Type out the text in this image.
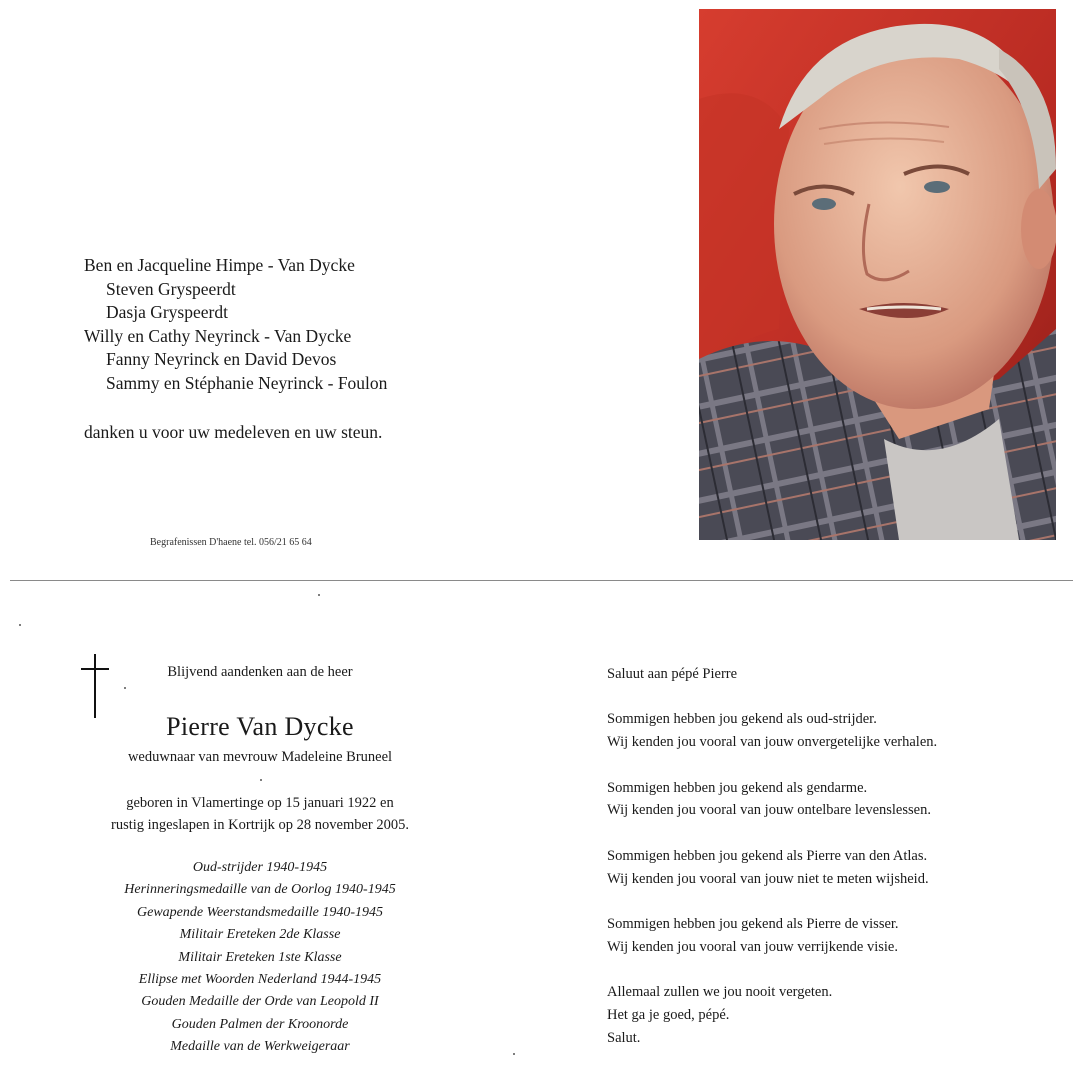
Ben en Jacqueline Himpe - Van Dycke
Steven Gryspeerdt
Dasja Gryspeerdt
Willy en Cathy Neyrinck - Van Dycke
Fanny Neyrinck en David Devos
Sammy en Stéphanie Neyrinck - Foulon
danken u voor uw medeleven en uw steun.
Begrafenissen D'haene tel. 056/21 65 64
Blijvend aandenken aan de heer
Pierre Van Dycke
weduwnaar van mevrouw Madeleine Bruneel
geboren in Vlamertinge op 15 januari 1922 en
rustig ingeslapen in Kortrijk op 28 november 2005.
Oud-strijder 1940-1945
Herinneringsmedaille van de Oorlog 1940-1945
Gewapende Weerstandsmedaille 1940-1945
Militair Ereteken 2de Klasse
Militair Ereteken 1ste Klasse
Ellipse met Woorden Nederland 1944-1945
Gouden Medaille der Orde van Leopold II
Gouden Palmen der Kroonorde
Medaille van de Werkweigeraar
Saluut aan pépé Pierre
Sommigen hebben jou gekend als oud-strijder.
Wij kenden jou vooral van jouw onvergetelijke verhalen.
Sommigen hebben jou gekend als gendarme.
Wij kenden jou vooral van jouw ontelbare levenslessen.
Sommigen hebben jou gekend als Pierre van den Atlas.
Wij kenden jou vooral van jouw niet te meten wijsheid.
Sommigen hebben jou gekend als Pierre de visser.
Wij kenden jou vooral van jouw verrijkende visie.
Allemaal zullen we jou nooit vergeten.
Het ga je goed, pépé.
Salut.
